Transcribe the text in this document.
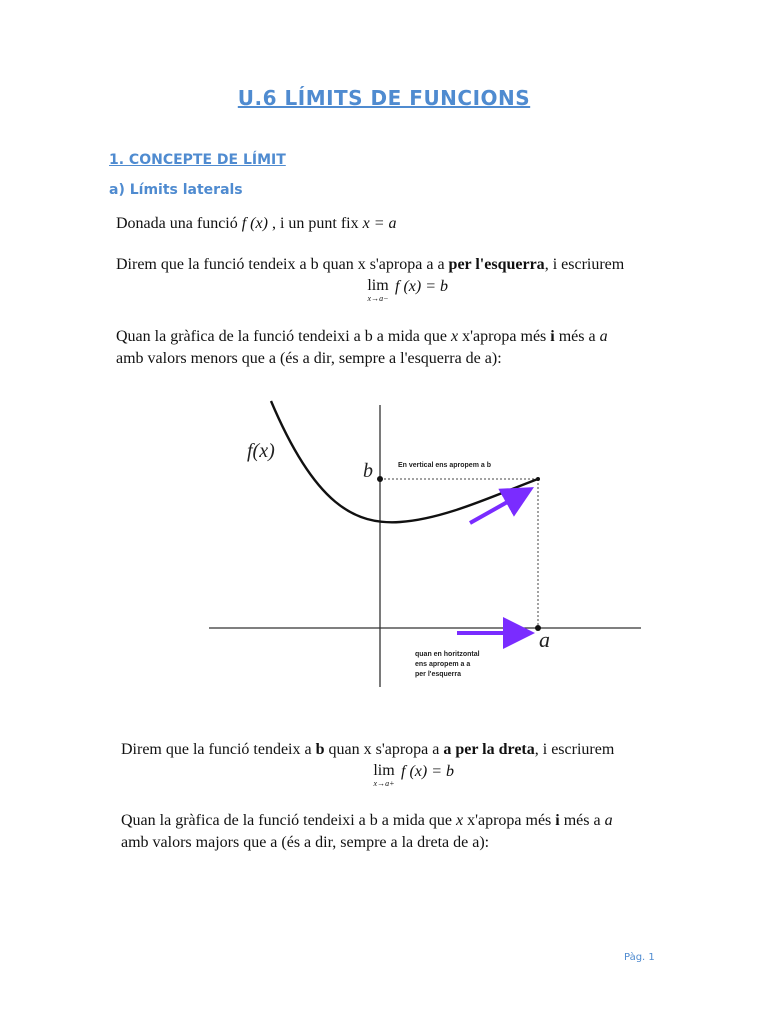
U.6 LÍMITS DE FUNCIONS
1. CONCEPTE DE LÍMIT
a) Límits laterals
Donada una funció f (x) , i un punt fix x = a
Direm que la funció tendeix a b quan x s'apropa a a per l'esquerra, i escriurem
lim
x→a−
f (x) = b
Quan la gràfica de la funció tendeixi a b a mida que x x'apropa més i més a a
amb valors menors que a (és a dir, sempre a l'esquerra de a):
f(x)
b
a
En vertical ens apropem a b
quan en horitzontal
ens apropem a a
per l'esquerra
Direm que la funció tendeix a b quan x s'apropa a a per la dreta, i escriurem
lim
x→a+
f (x) = b
Quan la gràfica de la funció tendeixi a b a mida que x x'apropa més i més a a
amb valors majors que a (és a dir, sempre a la dreta de a):
Pàg. 1
